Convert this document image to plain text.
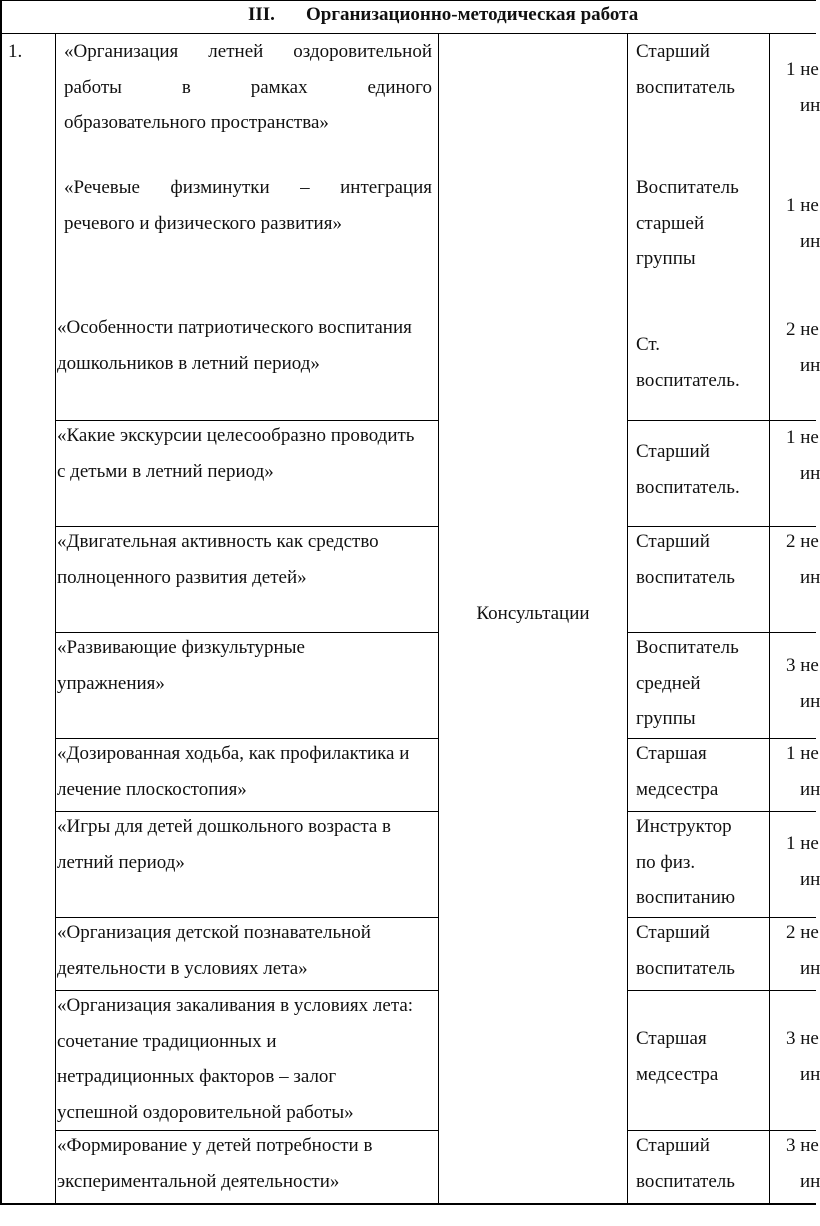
III. Организационно-методическая работа
1.
Консультации
«Организация летней оздоровительной
работы в рамках единого
образовательного пространства»
Старший
воспитатель
1 не
ин
«Речевые физминутки – интеграция
речевого и физического развития»
Воспитатель
старшей
группы
1 не
ин
«Особенности патриотического воспитания
дошкольников в летний период»
Ст.
воспитатель.
2 не
ин
«Какие экскурсии целесообразно проводить
с детьми в летний период»
Старший
воспитатель.
1 не
ин
«Двигательная активность как средство
полноценного развития детей»
Старший
воспитатель
2 не
ин
«Развивающие физкультурные
упражнения»
Воспитатель
средней
группы
3 не
ин
«Дозированная ходьба, как профилактика и
лечение плоскостопия»
Старшая
медсестра
1 не
ин
«Игры для детей дошкольного возраста в
летний период»
Инструктор
по физ.
воспитанию
1 не
ин
«Организация детской познавательной
деятельности в условиях лета»
Старший
воспитатель
2 не
ин
«Организация закаливания в условиях лета:
сочетание традиционных и
нетрадиционных факторов – залог
успешной оздоровительной работы»
Старшая
медсестра
3 не
ин
«Формирование у детей потребности в
экспериментальной деятельности»
Старший
воспитатель
3 не
ин
